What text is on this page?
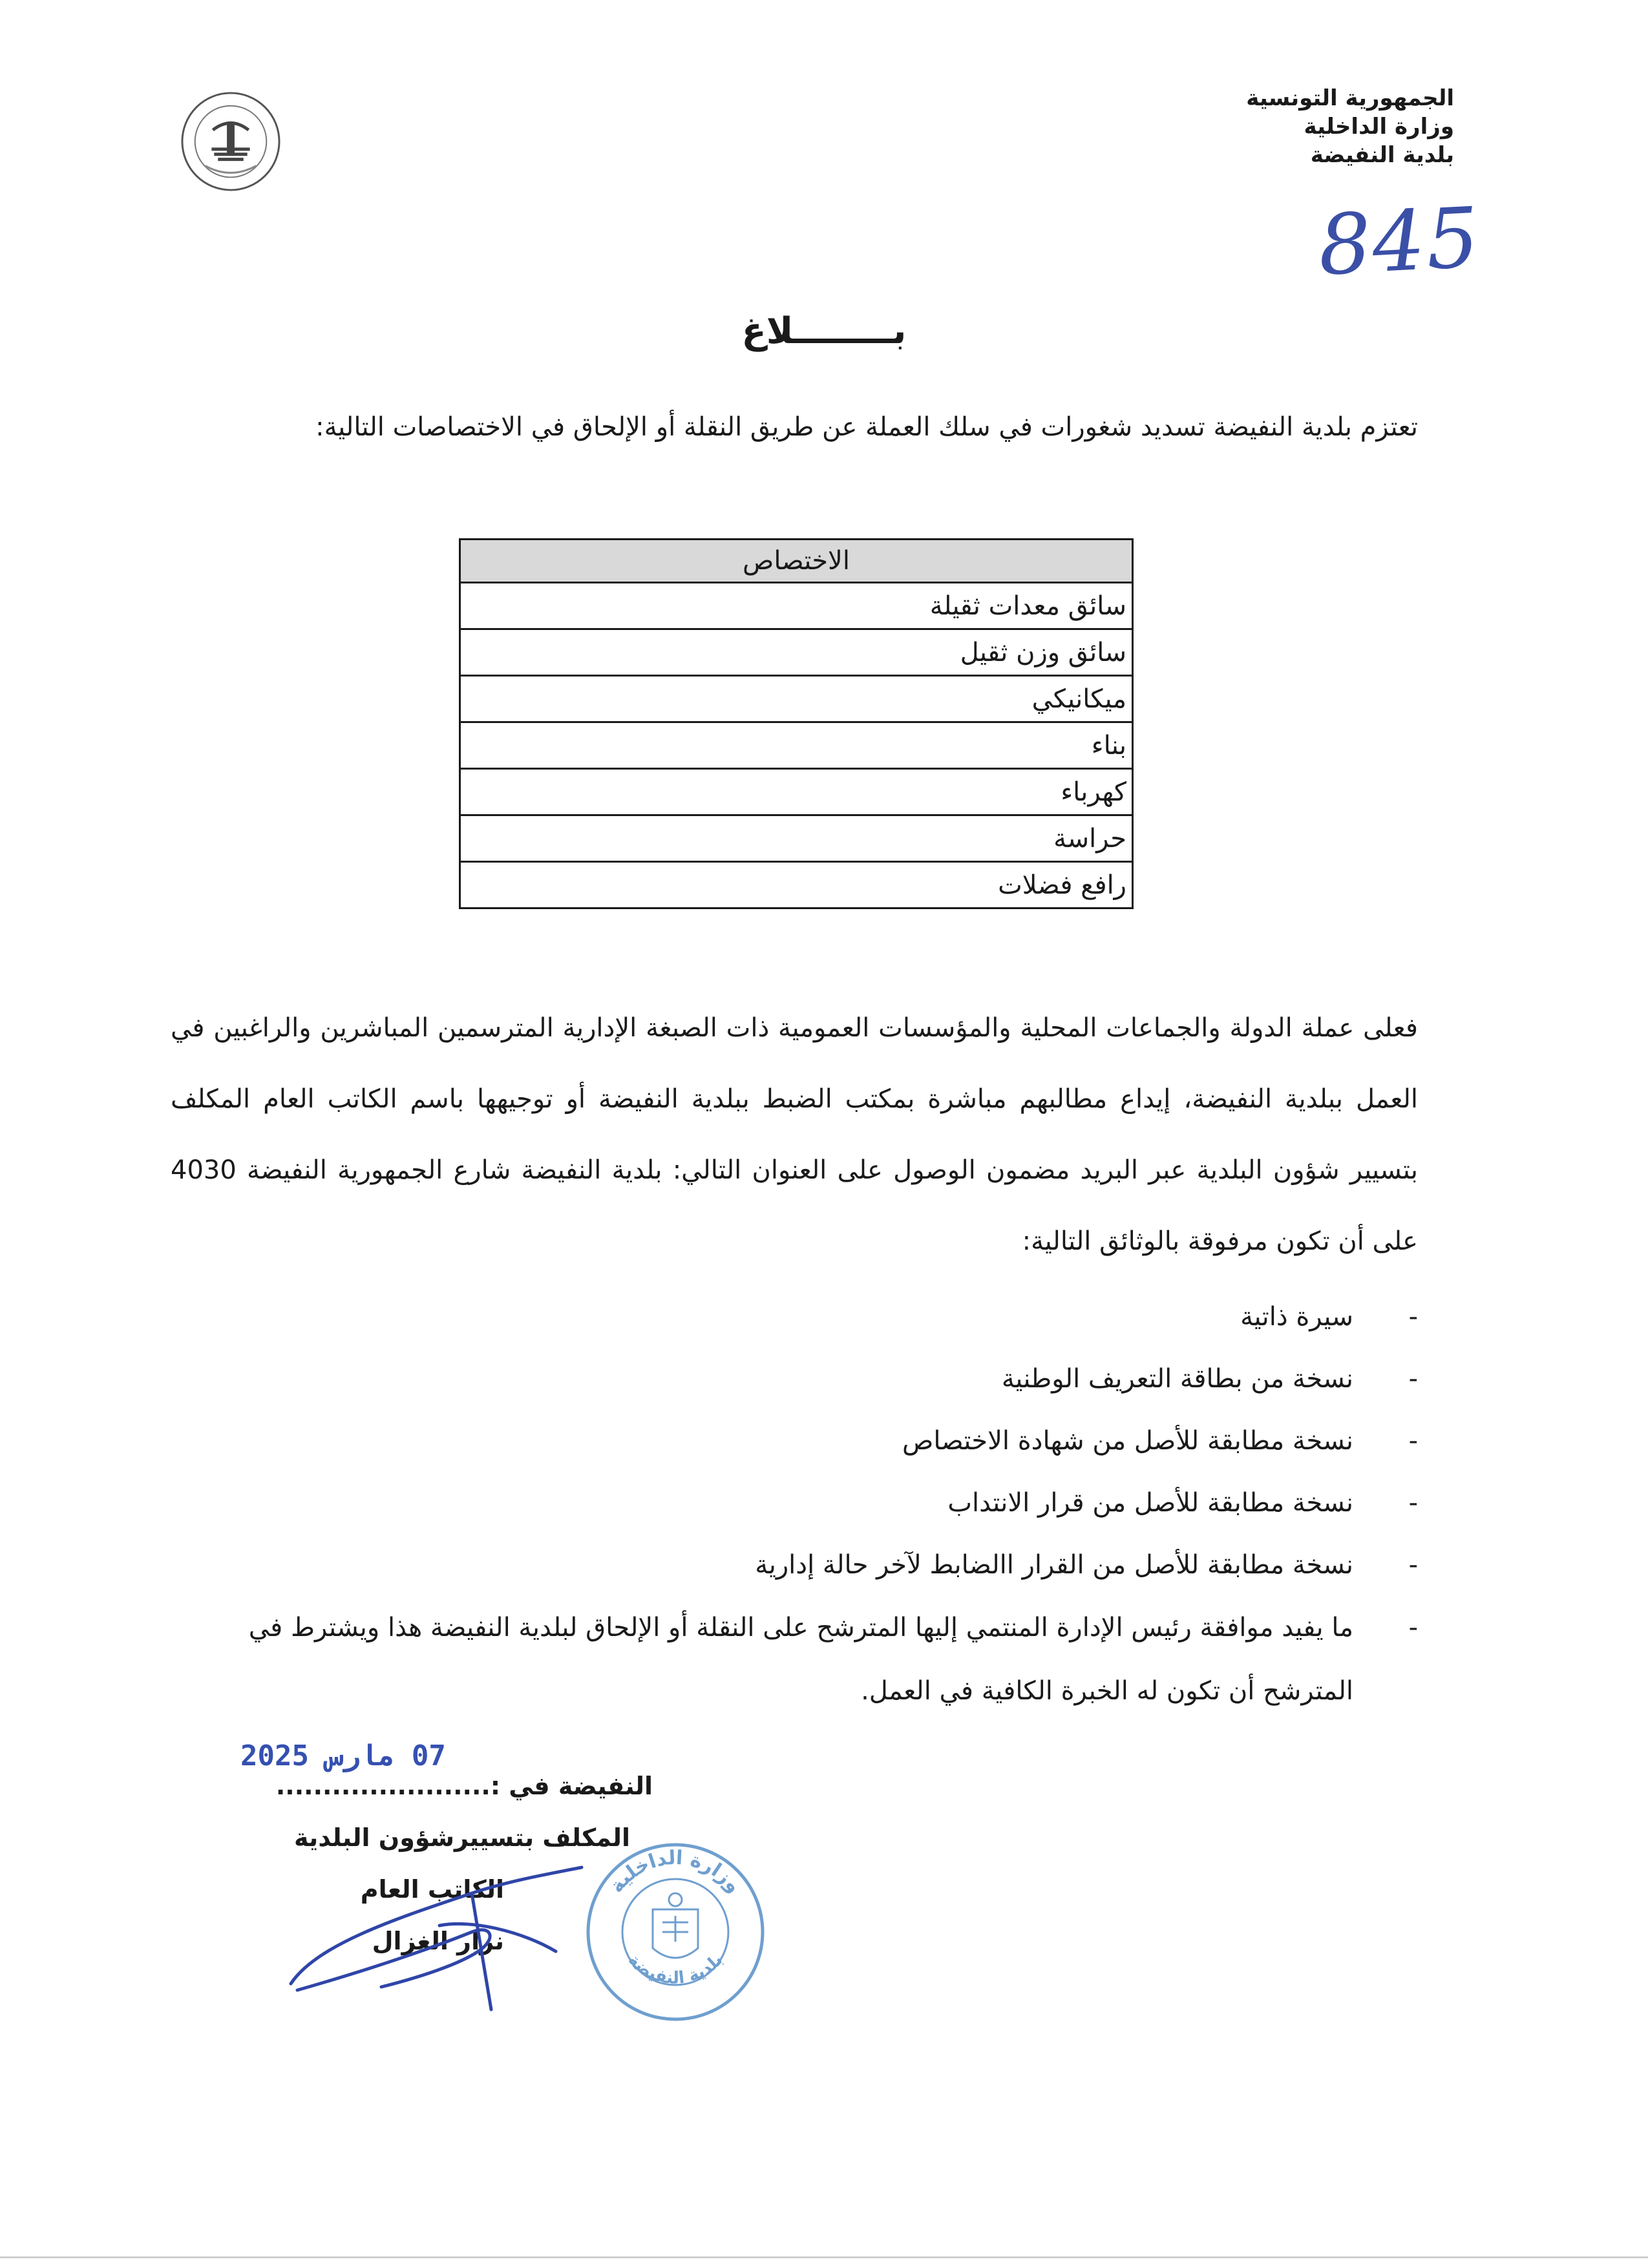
الجمهورية التونسية
وزارة الداخلية
بلدية النفيضة
845
بــــــــلاغ
تعتزم بلدية النفيضة تسديد شغورات في سلك العملة عن طريق النقلة أو الإلحاق في الاختصاصات التالية:
الاختصاص
سائق معدات ثقيلة
سائق وزن ثقيل
ميكانيكي
بناء
كهرباء
حراسة
رافع فضلات
فعلى عملة الدولة والجماعات المحلية والمؤسسات العمومية ذات الصبغة الإدارية المترسمين المباشرين والراغبين في العمل ببلدية النفيضة، إيداع مطالبهم مباشرة بمكتب الضبط ببلدية النفيضة أو توجيهها باسم الكاتب العام المكلف بتسيير شؤون البلدية عبر البريد مضمون الوصول على العنوان التالي: بلدية النفيضة شارع الجمهورية النفيضة 4030 على أن تكون مرفوقة بالوثائق التالية:
-
سيرة ذاتية
-
نسخة من بطاقة التعريف الوطنية
-
نسخة مطابقة للأصل من شهادة الاختصاص
-
نسخة مطابقة للأصل من قرار الانتداب
-
نسخة مطابقة للأصل من القرار االضابط لآخر حالة إدارية
-
ما يفيد موافقة رئيس الإدارة المنتمي إليها المترشح على النقلة أو الإلحاق لبلدية النفيضة هذا ويشترط في المترشح أن تكون له الخبرة الكافية في العمل.
07 مارس 2025
النفيضة في :.......................
المكلف بتسييرشؤون البلدية
الكاتب العام
نزار الغزال
وزارة الداخلية
بلدية النفيضة
